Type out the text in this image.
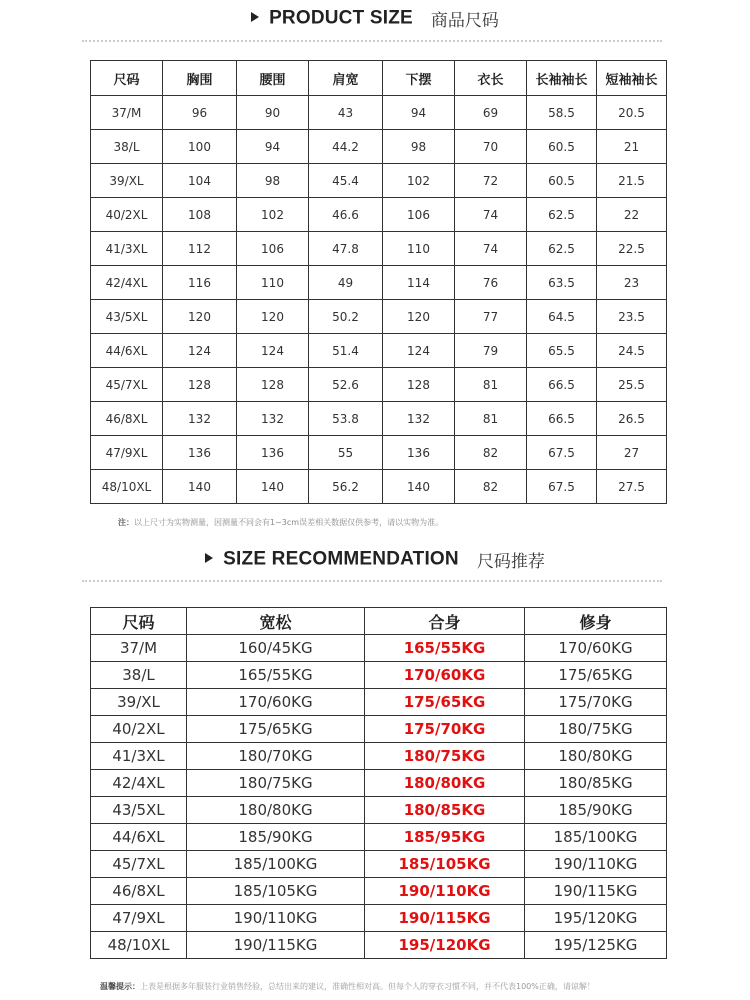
PRODUCT SIZE 商品尺码
尺码	胸围	腰围	肩宽	下摆	衣长	长袖袖长	短袖袖长
37/M	96	90	43	94	69	58.5	20.5
38/L	100	94	44.2	98	70	60.5	21
39/XL	104	98	45.4	102	72	60.5	21.5
40/2XL	108	102	46.6	106	74	62.5	22
41/3XL	112	106	47.8	110	74	62.5	22.5
42/4XL	116	110	49	114	76	63.5	23
43/5XL	120	120	50.2	120	77	64.5	23.5
44/6XL	124	124	51.4	124	79	65.5	24.5
45/7XL	128	128	52.6	128	81	66.5	25.5
46/8XL	132	132	53.8	132	81	66.5	26.5
47/9XL	136	136	55	136	82	67.5	27
48/10XL	140	140	56.2	140	82	67.5	27.5
注：以上尺寸为实物测量，因测量不同会有1~3cm误差相关数据仅供参考，请以实物为准。
SIZE RECOMMENDATION 尺码推荐
尺码	宽松	合身	修身
37/M	160/45KG	165/55KG	170/60KG
38/L	165/55KG	170/60KG	175/65KG
39/XL	170/60KG	175/65KG	175/70KG
40/2XL	175/65KG	175/70KG	180/75KG
41/3XL	180/70KG	180/75KG	180/80KG
42/4XL	180/75KG	180/80KG	180/85KG
43/5XL	180/80KG	180/85KG	185/90KG
44/6XL	185/90KG	185/95KG	185/100KG
45/7XL	185/100KG	185/105KG	190/110KG
46/8XL	185/105KG	190/110KG	190/115KG
47/9XL	190/110KG	190/115KG	195/120KG
48/10XL	190/115KG	195/120KG	195/125KG
温馨提示：上表是根据多年服装行业销售经验，总结出来的建议，准确性相对高。但每个人的穿衣习惯不同，并不代表100%正确，请谅解！
